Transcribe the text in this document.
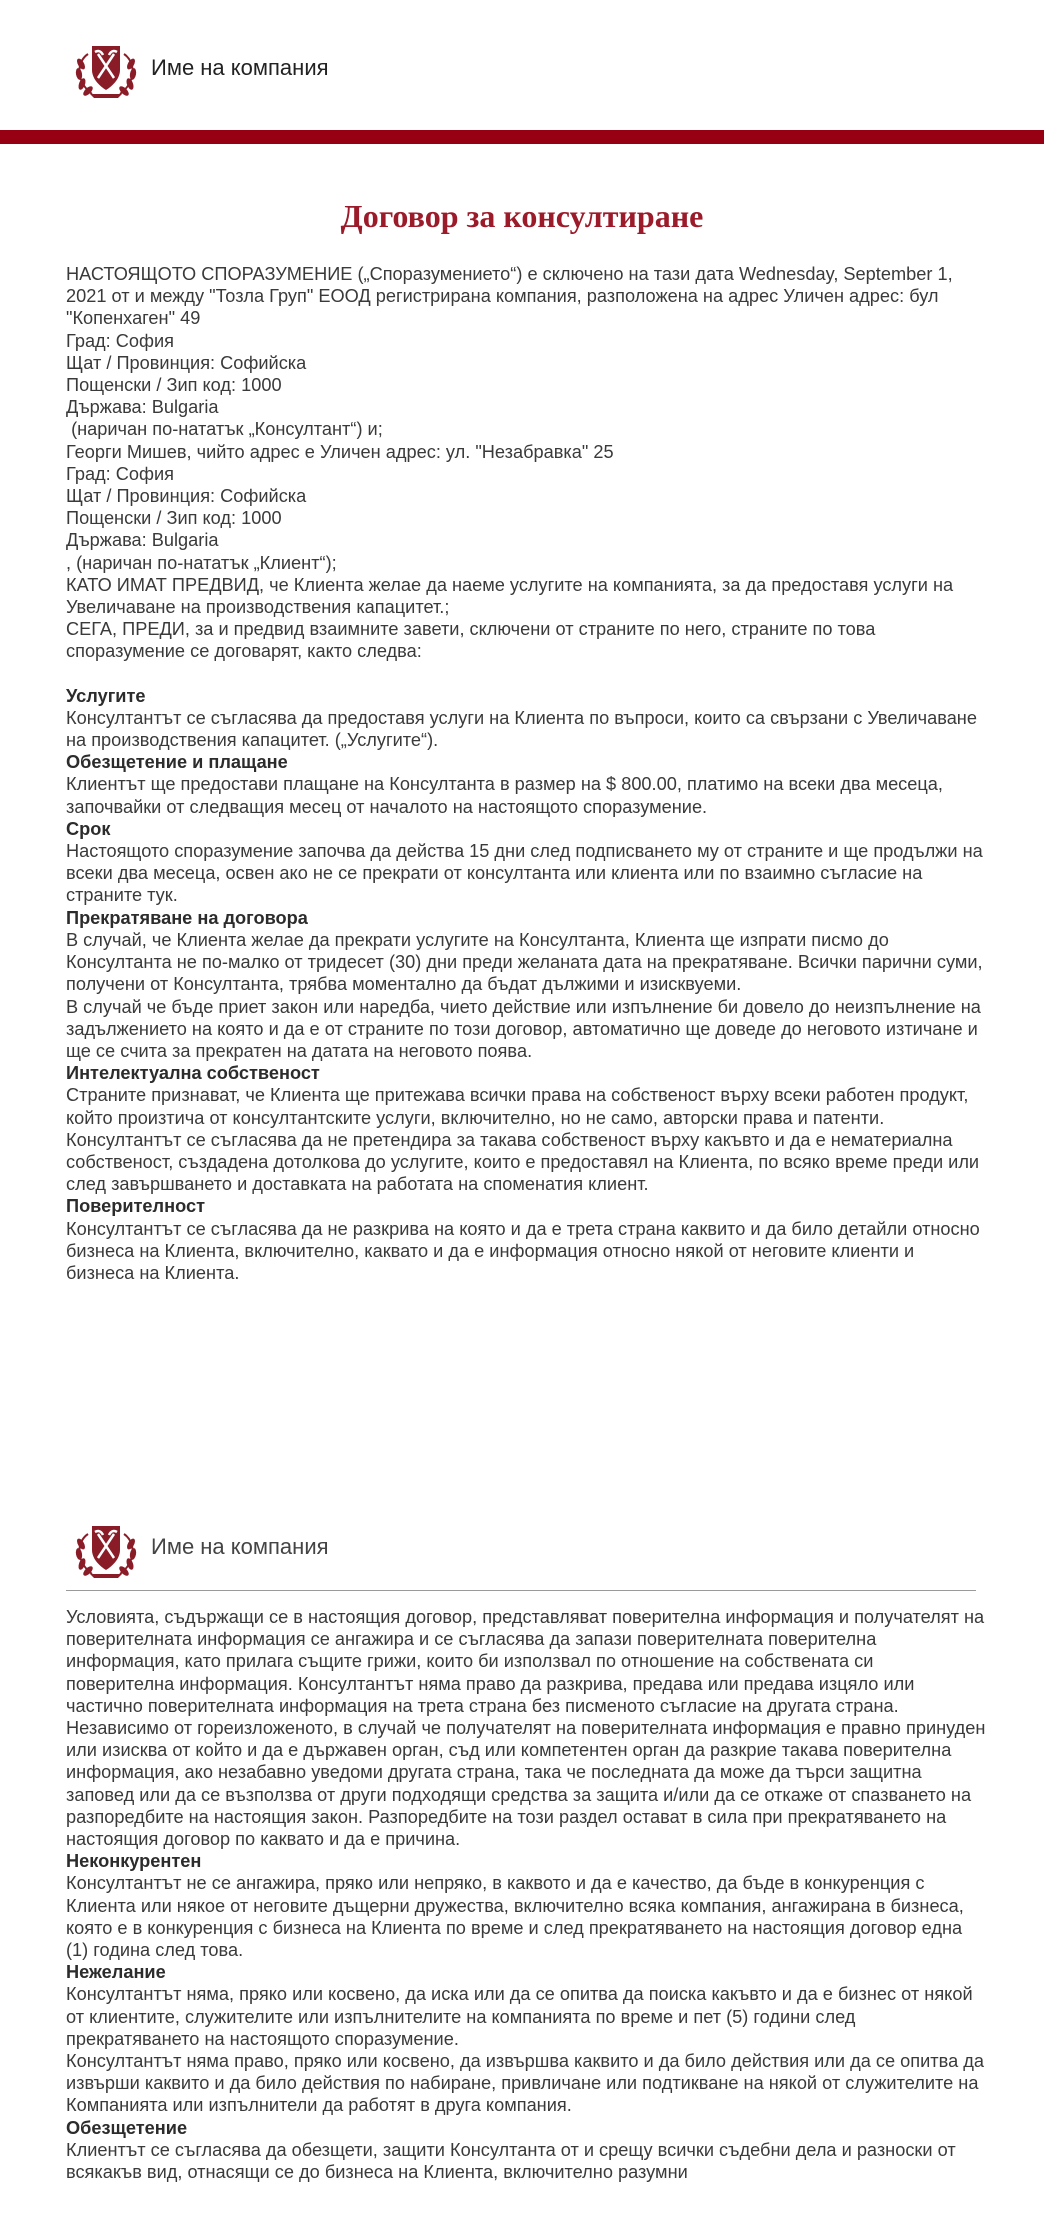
Име на компания
Договор за консултиране

НАСТОЯЩОТО СПОРАЗУМЕНИЕ („Споразумението“) е сключено на тази дата Wednesday, September 1, 2021 от и между "Тозла Груп" ЕООД регистрирана компания, разположена на адрес Уличен адрес: бул "Копенхаген" 49

Град: София

Щат / Провинция: Софийска

Пощенски / Зип код: 1000

Държава: Bulgaria

(наричан по-нататък „Консултант“) и;

Георги Мишев, чийто адрес е Уличен адрес: ул. "Незабравка" 25

Град: София

Щат / Провинция: Софийска

Пощенски / Зип код: 1000

Държава: Bulgaria

, (наричан по-нататък „Клиент“);

КАТО ИМАТ ПРЕДВИД, че Клиента желае да наеме услугите на компанията, за да предоставя услуги на Увеличаване на производствения капацитет.;

СЕГА, ПРЕДИ, за и предвид взаимните завети, сключени от страните по него, страните по това споразумение се договарят, както следва:

Услугите

Консултантът се съгласява да предоставя услуги на Клиента по въпроси, които са свързани с Увеличаване на производствения капацитет. („Услугите“).

Обезщетение и плащане

Клиентът ще предостави плащане на Консултанта в размер на $ 800.00, платимо на всеки два месеца, започвайки от следващия месец от началото на настоящото споразумение.

Срок

Настоящото споразумение започва да действа 15 дни след подписването му от страните и ще продължи на всеки два месеца, освен ако не се прекрати от консултанта или клиента или по взаимно съгласие на страните тук.

Прекратяване на договора

В случай, че Клиента желае да прекрати услугите на Консултанта, Клиента ще изпрати писмо до Консултанта не по-малко от тридесет (30) дни преди желаната дата на прекратяване. Всички парични суми, получени от Консултанта, трябва моментално да бъдат дължими и изисквуеми.

В случай че бъде приет закон или наредба, чието действие или изпълнение би довело до неизпълнение на задължението на която и да е от страните по този договор, автоматично ще доведе до неговото изтичане и ще се счита за прекратен на датата на неговото появa.

Интелектуална собственост

Страните признават, че Клиента ще притежава всички права на собственост върху всеки работен продукт, който произтича от консултантските услуги, включително, но не само, авторски права и патенти. Консултантът се съгласява да не претендира за такава собственост върху какъвто и да е нематериална собственост, създадена дотолкова до услугите, които е предоставял на Клиента, по всяко време преди или след завършването и доставката на работата на споменатия клиент.

Поверителност

Консултантът се съгласява да не разкрива на която и да е трета страна каквито и да било детайли относно бизнеса на Клиента, включително, каквато и да е информация относно някой от неговите клиенти и бизнеса на Клиента.

Име на компания

Условията, съдържащи се в настоящия договор, представляват поверителна информация и получателят на поверителната информация се ангажира и се съгласява да запази поверителната поверителна информация, като прилага същите грижи, които би използвал по отношение на собствената си поверителна информация. Консултантът няма право да разкрива, предава или предава изцяло или частично поверителната информация на трета страна без писменото съгласие на другата страна.

Независимо от гореизложеното, в случай че получателят на поверителната информация е правно принуден или изисква от който и да е държавен орган, съд или компетентен орган да разкрие такава поверителна информация, ако незабавно уведоми другата страна, така че последната да може да търси защитна заповед или да се възползва от други подходящи средства за защита и/или да се откаже от спазването на разпоредбите на настоящия закон. Разпоредбите на този раздел остават в сила при прекратяването на настоящия договор по каквато и да е причина.

Неконкурентен

Консултантът не се ангажира, пряко или непряко, в каквото и да е качество, да бъде в конкуренция с Клиента или някое от неговите дъщерни дружества, включително всяка компания, ангажирана в бизнеса, която е в конкуренция с бизнеса на Клиента по време и след прекратяването на настоящия договор една (1) година след това.

Нежелание

Консултантът няма, пряко или косвено, да иска или да се опитва да поиска какъвто и да е бизнес от някой от клиентите, служителите или изпълнителите на компанията по време и пет (5) години след прекратяването на настоящото споразумение.

Консултантът няма право, пряко или косвено, да извършва каквито и да било действия или да се опитва да извърши каквито и да било действия по набиране, привличане или подтикване на някой от служителите на Компанията или изпълнители да работят в друга компания.

Обезщетение

Клиентът се съгласява да обезщети, защити Консултанта от и срещу всички съдебни дела и разноски от всякакъв вид, отнасящи се до бизнеса на Клиента, включително разумни
